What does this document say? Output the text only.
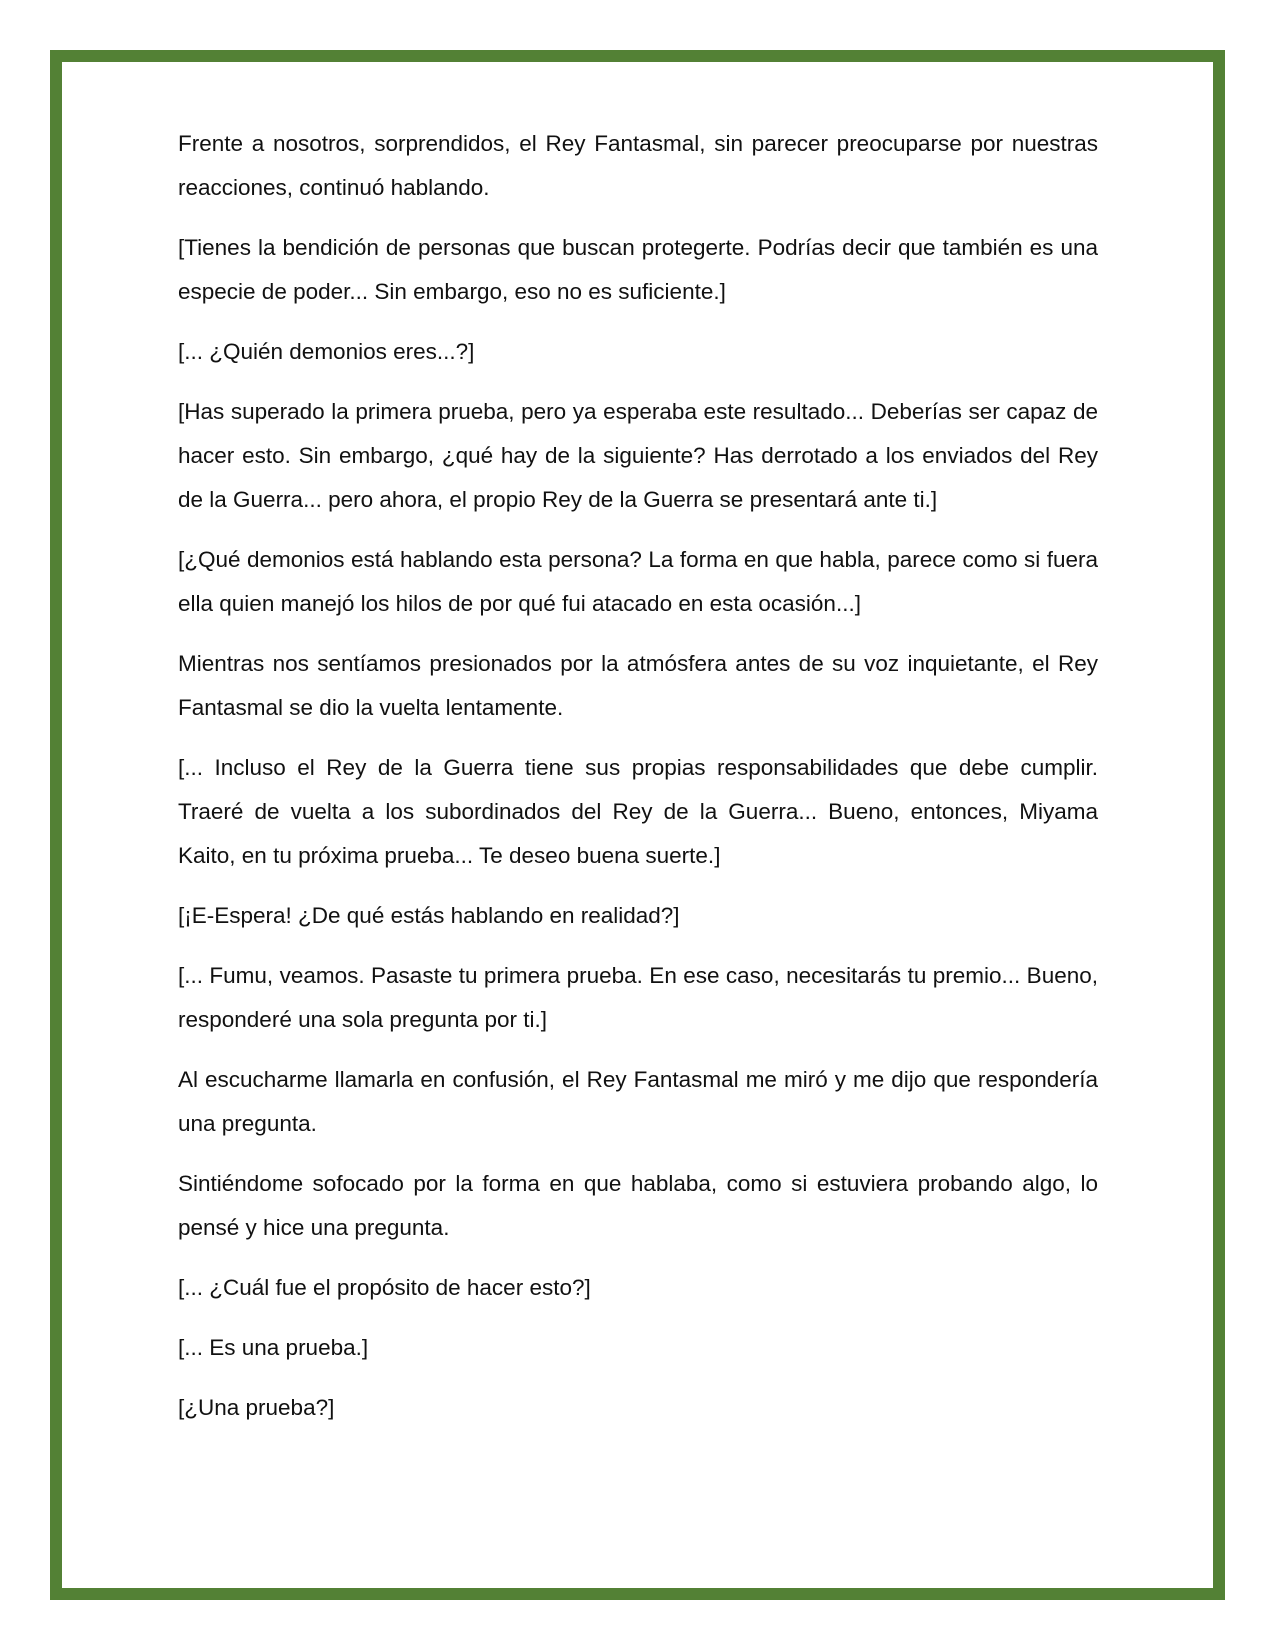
Frente a nosotros, sorprendidos, el Rey Fantasmal, sin parecer preocuparse por nuestras reacciones, continuó hablando.

[Tienes la bendición de personas que buscan protegerte. Podrías decir que también es una especie de poder... Sin embargo, eso no es suficiente.]

[... ¿Quién demonios eres...?]

[Has superado la primera prueba, pero ya esperaba este resultado... Deberías ser capaz de hacer esto. Sin embargo, ¿qué hay de la siguiente? Has derrotado a los enviados del Rey de la Guerra... pero ahora, el propio Rey de la Guerra se presentará ante ti.]

[¿Qué demonios está hablando esta persona? La forma en que habla, parece como si fuera ella quien manejó los hilos de por qué fui atacado en esta ocasión...]

Mientras nos sentíamos presionados por la atmósfera antes de su voz inquietante, el Rey Fantasmal se dio la vuelta lentamente.

[... Incluso el Rey de la Guerra tiene sus propias responsabilidades que debe cumplir. Traeré de vuelta a los subordinados del Rey de la Guerra... Bueno, entonces, Miyama Kaito, en tu próxima prueba... Te deseo buena suerte.]

[¡E-Espera! ¿De qué estás hablando en realidad?]

[... Fumu, veamos. Pasaste tu primera prueba. En ese caso, necesitarás tu premio... Bueno, responderé una sola pregunta por ti.]

Al escucharme llamarla en confusión, el Rey Fantasmal me miró y me dijo que respondería una pregunta.

Sintiéndome sofocado por la forma en que hablaba, como si estuviera probando algo, lo pensé y hice una pregunta.

[... ¿Cuál fue el propósito de hacer esto?]

[... Es una prueba.]

[¿Una prueba?]
